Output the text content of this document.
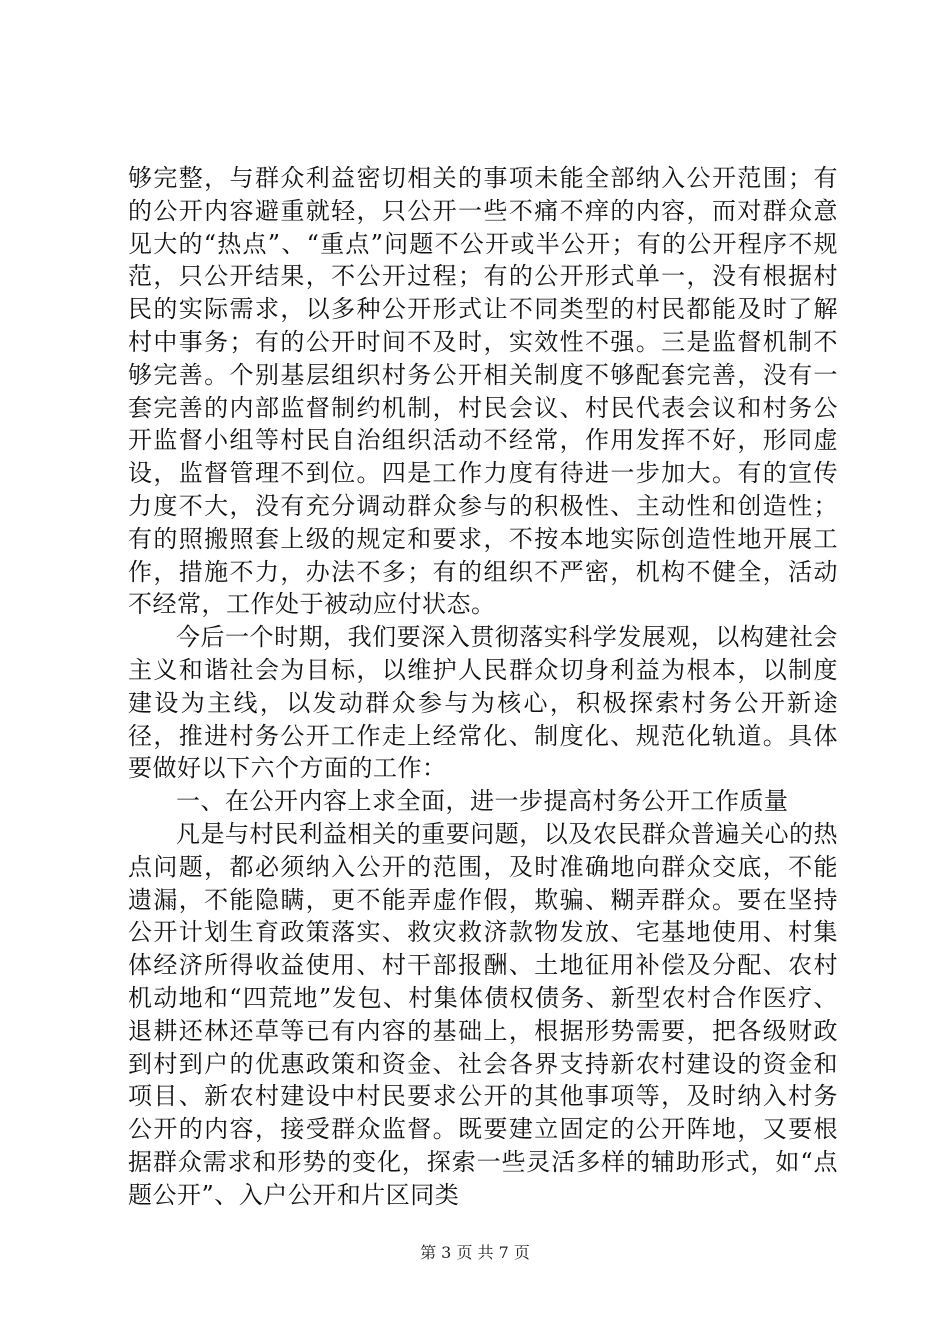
够完整，与群众利益密切相关的事项未能全部纳入公开范围；有的公开内容避重就轻，只公开一些不痛不痒的内容，而对群众意见大的“热点”、“重点”问题不公开或半公开；有的公开程序不规范，只公开结果，不公开过程；有的公开形式单一，没有根据村民的实际需求，以多种公开形式让不同类型的村民都能及时了解村中事务；有的公开时间不及时，实效性不强。三是监督机制不够完善。个别基层组织村务公开相关制度不够配套完善，没有一套完善的内部监督制约机制，村民会议、村民代表会议和村务公开监督小组等村民自治组织活动不经常，作用发挥不好，形同虚设，监督管理不到位。四是工作力度有待进一步加大。有的宣传力度不大，没有充分调动群众参与的积极性、主动性和创造性；有的照搬照套上级的规定和要求，不按本地实际创造性地开展工作，措施不力，办法不多；有的组织不严密，机构不健全，活动不经常，工作处于被动应付状态。

今后一个时期，我们要深入贯彻落实科学发展观，以构建社会主义和谐社会为目标，以维护人民群众切身利益为根本，以制度建设为主线，以发动群众参与为核心，积极探索村务公开新途径，推进村务公开工作走上经常化、制度化、规范化轨道。具体要做好以下六个方面的工作：

一、在公开内容上求全面，进一步提高村务公开工作质量

凡是与村民利益相关的重要问题，以及农民群众普遍关心的热点问题，都必须纳入公开的范围，及时准确地向群众交底，不能遗漏，不能隐瞒，更不能弄虚作假，欺骗、糊弄群众。要在坚持公开计划生育政策落实、救灾救济款物发放、宅基地使用、村集体经济所得收益使用、村干部报酬、土地征用补偿及分配、农村机动地和“四荒地”发包、村集体债权债务、新型农村合作医疗、退耕还林还草等已有内容的基础上，根据形势需要，把各级财政到村到户的优惠政策和资金、社会各界支持新农村建设的资金和项目、新农村建设中村民要求公开的其他事项等，及时纳入村务公开的内容，接受群众监督。既要建立固定的公开阵地，又要根据群众需求和形势的变化，探索一些灵活多样的辅助形式，如“点题公开”、入户公开和片区同类

第 3 页 共 7 页
